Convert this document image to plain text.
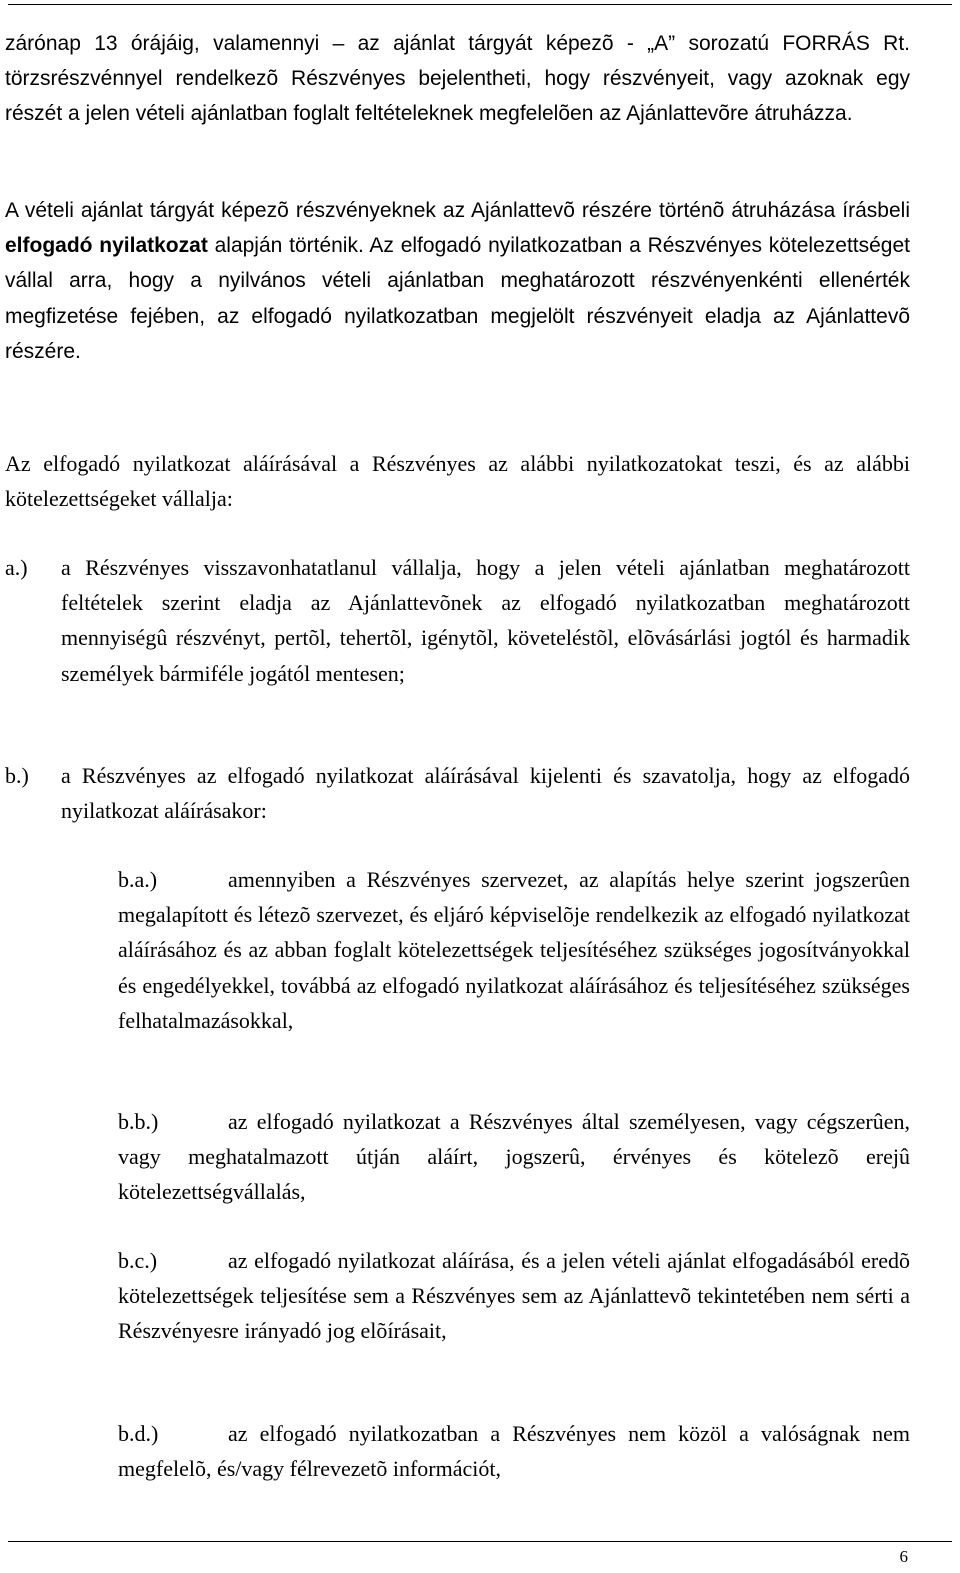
zárónap 13 órájáig, valamennyi – az ajánlat tárgyát képezõ - „A” sorozatú FORRÁS Rt. törzsrészvénnyel rendelkezõ Részvényes bejelentheti, hogy részvényeit, vagy azoknak egy részét a jelen vételi ajánlatban foglalt feltételeknek megfelelõen az Ajánlattevõre átruházza.

A vételi ajánlat tárgyát képezõ részvényeknek az Ajánlattevõ részére történõ átruházása írásbeli elfogadó nyilatkozat alapján történik. Az elfogadó nyilatkozatban a Részvényes kötelezettséget vállal arra, hogy a nyilvános vételi ajánlatban meghatározott részvényenkénti ellenérték megfizetése fejében, az elfogadó nyilatkozatban megjelölt részvényeit eladja az Ajánlattevõ részére.

Az elfogadó nyilatkozat aláírásával a Részvényes az alábbi nyilatkozatokat teszi, és az alábbi kötelezettségeket vállalja:

a.) a Részvényes visszavonhatatlanul vállalja, hogy a jelen vételi ajánlatban meghatározott feltételek szerint eladja az Ajánlattevõnek az elfogadó nyilatkozatban meghatározott mennyiségû részvényt, pertõl, tehertõl, igénytõl, követeléstõl, elõvásárlási jogtól és harmadik személyek bármiféle jogától mentesen;
b.) a Részvényes az elfogadó nyilatkozat aláírásával kijelenti és szavatolja, hogy az elfogadó nyilatkozat aláírásakor:
b.a.)	amennyiben a Részvényes szervezet, az alapítás helye szerint jogszerûen megalapított és létezõ szervezet, és eljáró képviselõje rendelkezik az elfogadó nyilatkozat aláírásához és az abban foglalt kötelezettségek teljesítéséhez szükséges jogosítványokkal és engedélyekkel, továbbá az elfogadó nyilatkozat aláírásához és teljesítéséhez szükséges felhatalmazásokkal,
b.b.)	az elfogadó nyilatkozat a Részvényes által személyesen, vagy cégszerûen, vagy meghatalmazott útján aláírt, jogszerû, érvényes és kötelezõ erejû kötelezettségvállalás,
b.c.)	az elfogadó nyilatkozat aláírása, és a jelen vételi ajánlat elfogadásából eredõ kötelezettségek teljesítése sem a Részvényes sem az Ajánlattevõ tekintetében nem sérti a Részvényesre irányadó jog elõírásait,
b.d.)	az elfogadó nyilatkozatban a Részvényes nem közöl a valóságnak nem megfelelõ, és/vagy félrevezetõ információt,
6
